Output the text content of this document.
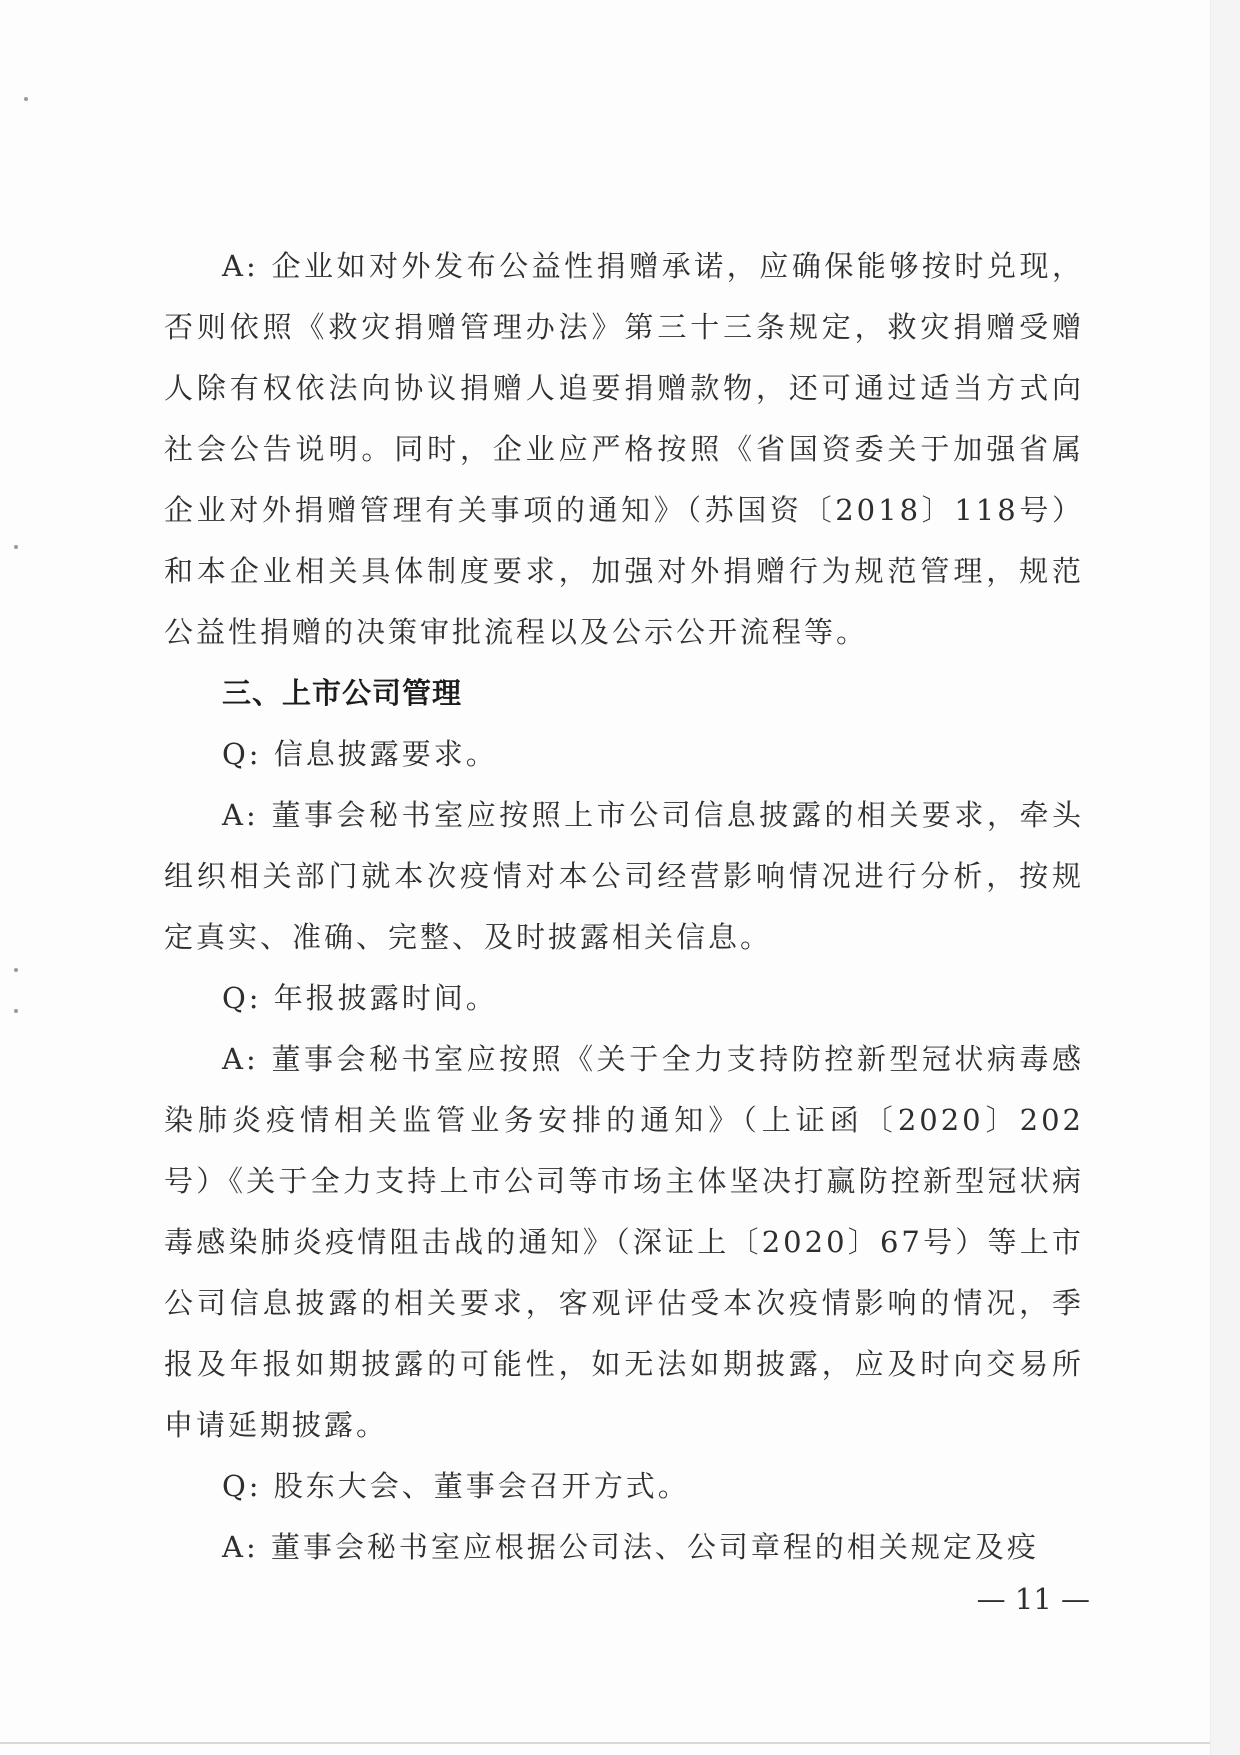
A: 企业如对外发布公益性捐赠承诺，应确保能够按时兑现，否则依照《救灾捐赠管理办法》第三十三条规定，救灾捐赠受赠人除有权依法向协议捐赠人追要捐赠款物，还可通过适当方式向社会公告说明。同时，企业应严格按照《省国资委关于加强省属企业对外捐赠管理有关事项的通知》（苏国资〔2018〕118号）和本企业相关具体制度要求，加强对外捐赠行为规范管理，规范公益性捐赠的决策审批流程以及公示公开流程等。

三、上市公司管理

Q: 信息披露要求。

A: 董事会秘书室应按照上市公司信息披露的相关要求，牵头组织相关部门就本次疫情对本公司经营影响情况进行分析，按规定真实、准确、完整、及时披露相关信息。

Q: 年报披露时间。

A: 董事会秘书室应按照《关于全力支持防控新型冠状病毒感染肺炎疫情相关监管业务安排的通知》（上证函〔2020〕202号）《关于全力支持上市公司等市场主体坚决打赢防控新型冠状病毒感染肺炎疫情阻击战的通知》（深证上〔2020〕67号）等上市公司信息披露的相关要求，客观评估受本次疫情影响的情况，季报及年报如期披露的可能性，如无法如期披露，应及时向交易所申请延期披露。

Q: 股东大会、董事会召开方式。

A: 董事会秘书室应根据公司法、公司章程的相关规定及疫

— 11 —
